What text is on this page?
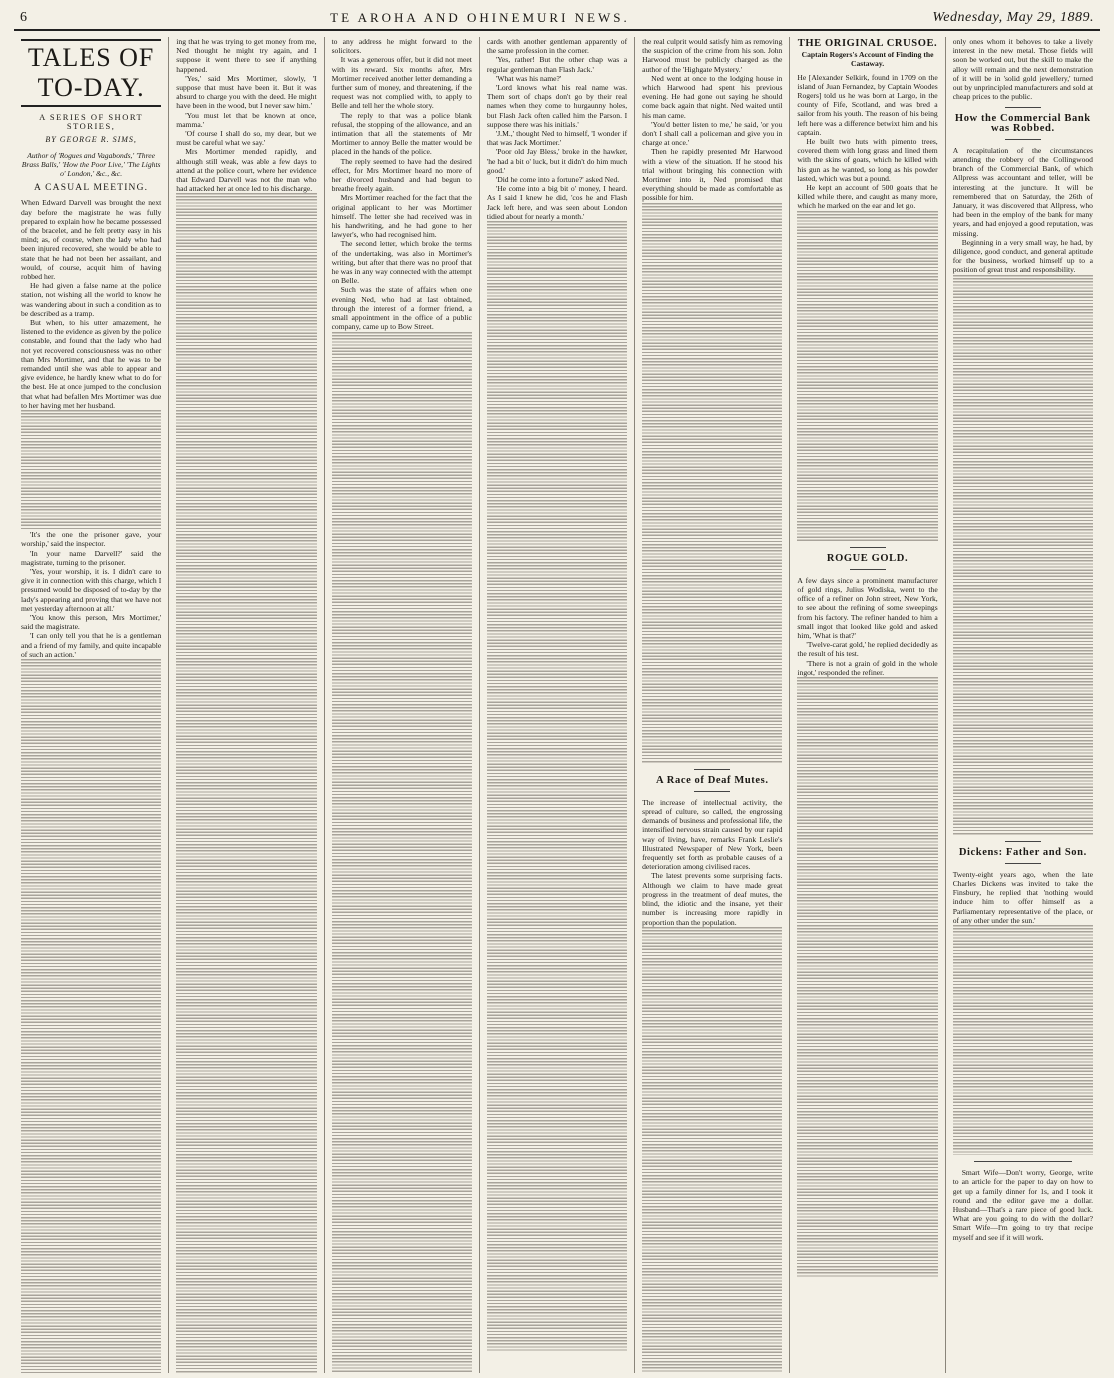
6	TE AROHA AND OHINEMURI NEWS.	Wednesday, May 29, 1889.
TALES OF TO-DAY.
A SERIES OF SHORT STORIES,
BY GEORGE R. SIMS,
Author of 'Rogues and Vagabonds,' 'Three Brass Balls,' 'How the Poor Live,' 'The Lights o' London,' &c., &c.
A CASUAL MEETING.

When Edward Darvell was brought the next day before the magistrate he was fully prepared to explain how he became possessed of the bracelet, and he felt pretty easy in his mind; as, of course, when the lady who had been injured recovered, she would be able to state that he had not been her assailant, and would, of course, acquit him of having robbed her.

He had given a false name at the police station, not wishing all the world to know he was wandering about in such a condition as to be described as a tramp.

But when, to his utter amazement, he listened to the evidence as given by the police constable, and found that the lady who had not yet recovered consciousness was no other than Mrs Mortimer, and that he was to be remanded until she was able to appear and give evidence, he hardly knew what to do for the best. He at once jumped to the conclusion that what had befallen Mrs Mortimer was due to her having met her husband.

'It's the one the prisoner gave, your worship,' said the inspector.

'In your name Darvell?' said the magistrate, turning to the prisoner.

'Yes, your worship, it is. I didn't care to give it in connection with this charge, which I presumed would be disposed of to-day by the lady's appearing and proving that we have not met yesterday afternoon at all.'

'You know this person, Mrs Mortimer,' said the magistrate.

'I can only tell you that he is a gentleman and a friend of my family, and quite incapable of such an action.'

ing that he was trying to get money from me, Ned thought he might try again, and I suppose it went there to see if anything happened.

'Yes,' said Mrs Mortimer, slowly, 'I suppose that must have been it. But it was absurd to charge you with the deed. He might have been in the wood, but I never saw him.'

'You must let that be known at once, mamma.'

'Of course I shall do so, my dear, but we must be careful what we say.'

Mrs Mortimer mended rapidly, and although still weak, was able a few days to attend at the police court, where her evidence that Edward Darvell was not the man who had attacked her at once led to his discharge.

to any address he might forward to the solicitors.

It was a generous offer, but it did not meet with its reward. Six months after, Mrs Mortimer received another letter demanding a further sum of money, and threatening, if the request was not complied with, to apply to Belle and tell her the whole story.

The reply to that was a police blank refusal, the stopping of the allowance, and an intimation that all the statements of Mr Mortimer to annoy Belle the matter would be placed in the hands of the police.

The reply seemed to have had the desired effect, for Mrs Mortimer heard no more of her divorced husband and had begun to breathe freely again.

Mrs Mortimer reached for the fact that the original applicant to her was Mortimer himself. The letter she had received was in his handwriting, and he had gone to her lawyer's, who had recognised him.

The second letter, which broke the terms of the undertaking, was also in Mortimer's writing, but after that there was no proof that he was in any way connected with the attempt on Belle.

Such was the state of affairs when one evening Ned, who had at last obtained, through the interest of a former friend, a small appointment in the office of a public company, came up to Bow Street.

cards with another gentleman apparently of the same profession in the corner.

'Yes, rather! But the other chap was a regular gentleman than Flash Jack.'

'What was his name?'

'Lord knows what his real name was. Them sort of chaps don't go by their real names when they come to hurgaunny holes, but Flash Jack often called him the Parson. I suppose there was his initials.'

'J.M.,' thought Ned to himself, 'I wonder if that was Jack Mortimer.'

'Poor old Jay Bless,' broke in the hawker, 'he had a bit o' luck, but it didn't do him much good.'

'Did he come into a fortune?' asked Ned.

'He come into a big bit o' money, I heard. As I said I knew he did, 'cos he and Flash Jack left here, and was seen about London tidied about for nearly a month.'

the real culprit would satisfy him as removing the suspicion of the crime from his son. John Harwood must be publicly charged as the author of the 'Highgate Mystery.'

Ned went at once to the lodging house in which Harwood had spent his previous evening. He had gone out saying he should come back again that night. Ned waited until his man came.

'You'd better listen to me,' he said, 'or you don't I shall call a policeman and give you in charge at once.'

Then he rapidly presented Mr Harwood with a view of the situation. If he stood his trial without bringing his connection with Mortimer into it, Ned promised that everything should be made as comfortable as possible for him.

A Race of Deaf Mutes.

The increase of intellectual activity, the spread of culture, so called, the engrossing demands of business and professional life, the intensified nervous strain caused by our rapid way of living, have, remarks Frank Leslie's Illustrated Newspaper of New York, been frequently set forth as probable causes of a deterioration among civilised races.

The latest prevents some surprising facts. Although we claim to have made great progress in the treatment of deaf mutes, the blind, the idiotic and the insane, yet their number is increasing more rapidly in proportion than the population.

THE ORIGINAL CRUSOE.
Captain Rogers's Account of Finding the Castaway.

He [Alexander Selkirk, found in 1709 on the island of Juan Fernandez, by Captain Woodes Rogers] told us he was born at Largo, in the county of Fife, Scotland, and was bred a sailor from his youth. The reason of his being left here was a difference betwixt him and his captain.

He built two huts with pimento trees, covered them with long grass and lined them with the skins of goats, which he killed with his gun as he wanted, so long as his powder lasted, which was but a pound.

He kept an account of 500 goats that he killed while there, and caught as many more, which he marked on the ear and let go.

ROGUE GOLD.

A few days since a prominent manufacturer of gold rings, Julius Wodiska, went to the office of a refiner on John street, New York, to see about the refining of some sweepings from his factory. The refiner handed to him a small ingot that looked like gold and asked him, 'What is that?'

'Twelve-carat gold,' he replied decidedly as the result of his test.

'There is not a grain of gold in the whole ingot,' responded the refiner.

only ones whom it behoves to take a lively interest in the new metal. Those fields will soon be worked out, but the skill to make the alloy will remain and the next demonstration of it will be in 'solid gold jewellery,' turned out by unprincipled manufacturers and sold at cheap prices to the public.

How the Commercial Bank was Robbed.

A recapitulation of the circumstances attending the robbery of the Collingwood branch of the Commercial Bank, of which Allpress was accountant and teller, will be interesting at the juncture. It will be remembered that on Saturday, the 26th of January, it was discovered that Allpress, who had been in the employ of the bank for many years, and had enjoyed a good reputation, was missing.

Beginning in a very small way, he had, by diligence, good conduct, and general aptitude for the business, worked himself up to a position of great trust and responsibility.

Dickens: Father and Son.

Twenty-eight years ago, when the late Charles Dickens was invited to take the Finsbury, he replied that 'nothing would induce him to offer himself as a Parliamentary representative of the place, or of any other under the sun.'

Smart Wife—Don't worry, George, write to an article for the paper to day on how to get up a family dinner for 1s, and I took it round and the editor gave me a dollar. Husband—That's a rare piece of good luck. What are you going to do with the dollar? Smart Wife—I'm going to try that recipe myself and see if it will work.
